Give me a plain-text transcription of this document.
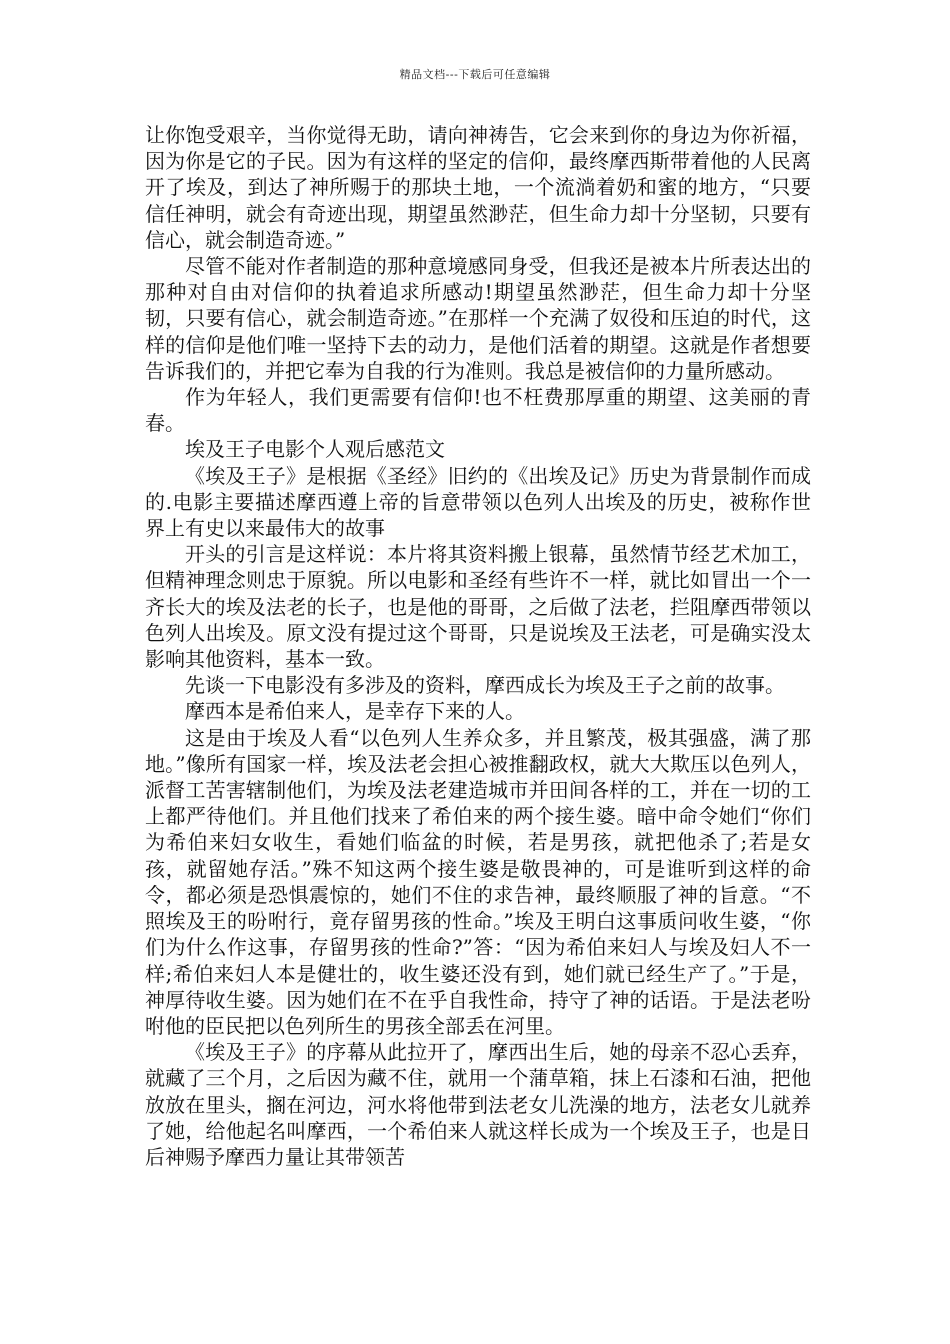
精品文档---下载后可任意编辑

让你饱受艰辛，当你觉得无助，请向神祷告，它会来到你的身边为你祈福，因为你是它的子民。因为有这样的坚定的信仰，最终摩西斯带着他的人民离开了埃及，到达了神所赐于的那块土地，一个流淌着奶和蜜的地方，“只要信任神明，就会有奇迹出现，期望虽然渺茫，但生命力却十分坚韧，只要有信心，就会制造奇迹。”

尽管不能对作者制造的那种意境感同身受，但我还是被本片所表达出的那种对自由对信仰的执着追求所感动!期望虽然渺茫，但生命力却十分坚韧，只要有信心，就会制造奇迹。”在那样一个充满了奴役和压迫的时代，这样的信仰是他们唯一坚持下去的动力，是他们活着的期望。这就是作者想要告诉我们的，并把它奉为自我的行为准则。我总是被信仰的力量所感动。

作为年轻人，我们更需要有信仰!也不枉费那厚重的期望、这美丽的青春。

埃及王子电影个人观后感范文

《埃及王子》是根据《圣经》旧约的《出埃及记》历史为背景制作而成的.电影主要描述摩西遵上帝的旨意带领以色列人出埃及的历史，被称作世界上有史以来最伟大的故事

开头的引言是这样说：本片将其资料搬上银幕，虽然情节经艺术加工，但精神理念则忠于原貌。所以电影和圣经有些许不一样，就比如冒出一个一齐长大的埃及法老的长子，也是他的哥哥，之后做了法老，拦阻摩西带领以色列人出埃及。原文没有提过这个哥哥，只是说埃及王法老，可是确实没太影响其他资料，基本一致。

先谈一下电影没有多涉及的资料，摩西成长为埃及王子之前的故事。

摩西本是希伯来人，是幸存下来的人。

这是由于埃及人看“以色列人生养众多，并且繁茂，极其强盛，满了那地。”像所有国家一样，埃及法老会担心被推翻政权，就大大欺压以色列人，派督工苦害辖制他们，为埃及法老建造城市并田间各样的工，并在一切的工上都严待他们。并且他们找来了希伯来的两个接生婆。暗中命令她们“你们为希伯来妇女收生，看她们临盆的时候，若是男孩，就把他杀了;若是女孩，就留她存活。”殊不知这两个接生婆是敬畏神的，可是谁听到这样的命令，都必须是恐惧震惊的，她们不住的求告神，最终顺服了神的旨意。“不照埃及王的吩咐行，竟存留男孩的性命。”埃及王明白这事质问收生婆，“你们为什么作这事，存留男孩的性命?”答：“因为希伯来妇人与埃及妇人不一样;希伯来妇人本是健壮的，收生婆还没有到，她们就已经生产了。”于是，神厚待收生婆。因为她们在不在乎自我性命，持守了神的话语。于是法老吩咐他的臣民把以色列所生的男孩全部丢在河里。

《埃及王子》的序幕从此拉开了，摩西出生后，她的母亲不忍心丢弃，就藏了三个月，之后因为藏不住，就用一个蒲草箱，抹上石漆和石油，把他放放在里头，搁在河边，河水将他带到法老女儿洗澡的地方，法老女儿就养了她，给他起名叫摩西，一个希伯来人就这样长成为一个埃及王子，也是日后神赐予摩西力量让其带领苦
